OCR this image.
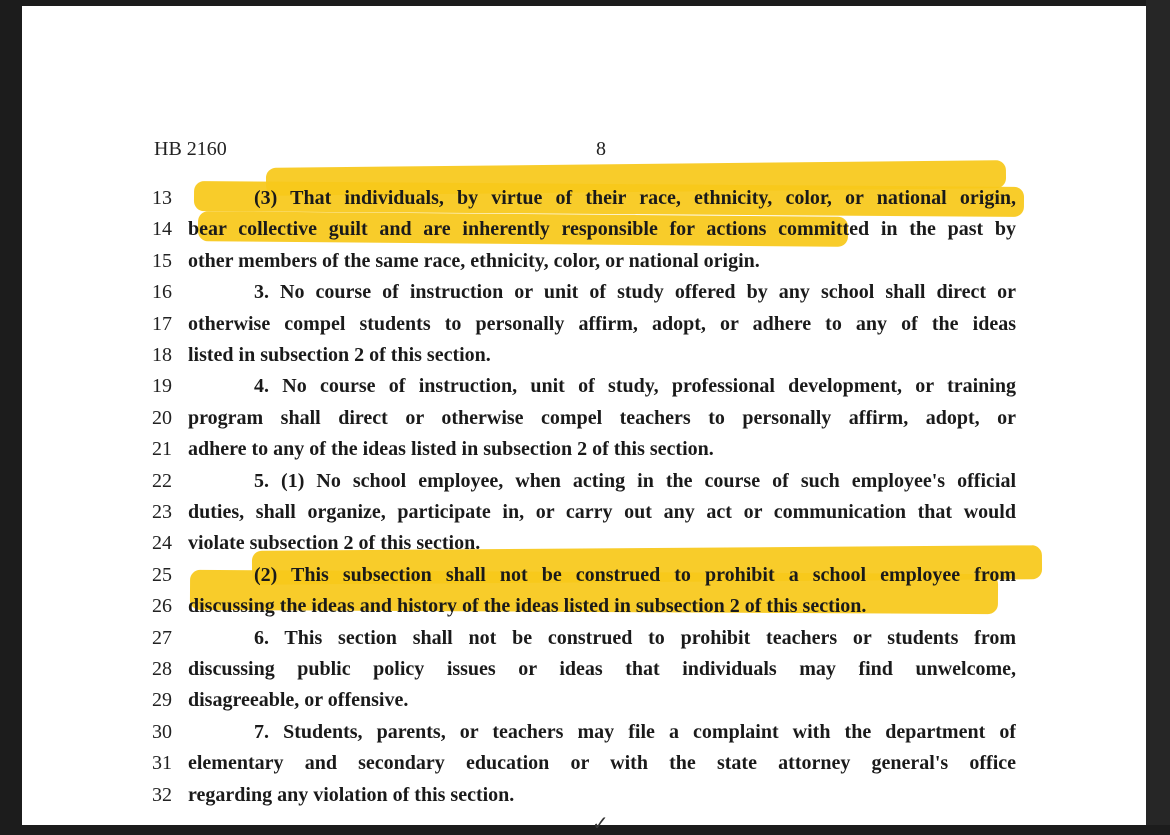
HB 2160	8
13	(3) That individuals, by virtue of their race, ethnicity, color, or national origin,
14 bear collective guilt and are inherently responsible for actions committed in the past by
15 other members of the same race, ethnicity, color, or national origin.
16	3. No course of instruction or unit of study offered by any school shall direct or
17 otherwise compel students to personally affirm, adopt, or adhere to any of the ideas
18 listed in subsection 2 of this section.
19	4. No course of instruction, unit of study, professional development, or training
20 program shall direct or otherwise compel teachers to personally affirm, adopt, or
21 adhere to any of the ideas listed in subsection 2 of this section.
22	5. (1) No school employee, when acting in the course of such employee's official
23 duties, shall organize, participate in, or carry out any act or communication that would
24 violate subsection 2 of this section.
25	(2) This subsection shall not be construed to prohibit a school employee from
26 discussing the ideas and history of the ideas listed in subsection 2 of this section.
27	6. This section shall not be construed to prohibit teachers or students from
28 discussing public policy issues or ideas that individuals may find unwelcome,
29 disagreeable, or offensive.
30	7. Students, parents, or teachers may file a complaint with the department of
31 elementary and secondary education or with the state attorney general's office
32 regarding any violation of this section.
✓
